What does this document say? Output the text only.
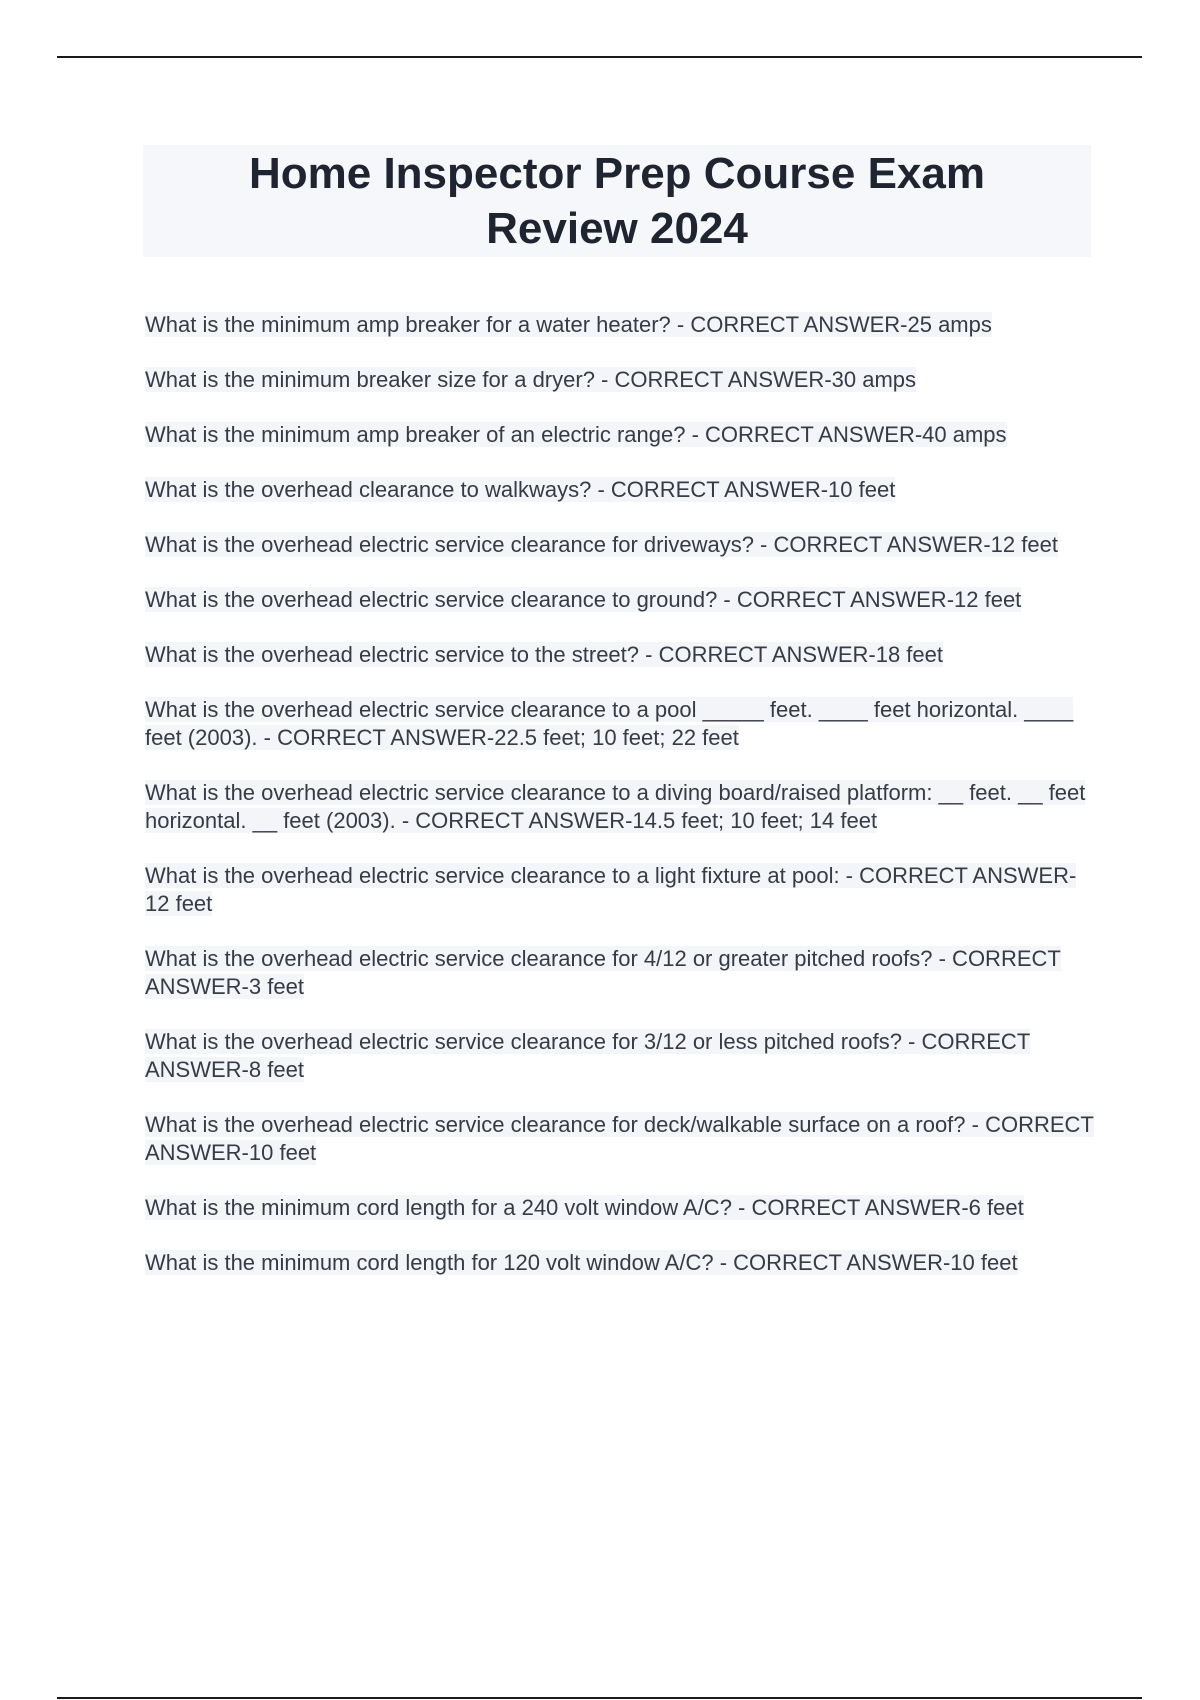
Home Inspector Prep Course Exam Review 2024
What is the minimum amp breaker for a water heater? - CORRECT ANSWER-25 amps
What is the minimum breaker size for a dryer? - CORRECT ANSWER-30 amps
What is the minimum amp breaker of an electric range? - CORRECT ANSWER-40 amps
What is the overhead clearance to walkways? - CORRECT ANSWER-10 feet
What is the overhead electric service clearance for driveways? - CORRECT ANSWER-12 feet
What is the overhead electric service clearance to ground? - CORRECT ANSWER-12 feet
What is the overhead electric service to the street? - CORRECT ANSWER-18 feet
What is the overhead electric service clearance to a pool _____ feet. ____ feet horizontal. ____ feet (2003). - CORRECT ANSWER-22.5 feet; 10 feet; 22 feet
What is the overhead electric service clearance to a diving board/raised platform: __ feet. __ feet horizontal. __ feet (2003). - CORRECT ANSWER-14.5 feet; 10 feet; 14 feet
What is the overhead electric service clearance to a light fixture at pool: - CORRECT ANSWER-12 feet
What is the overhead electric service clearance for 4/12 or greater pitched roofs? - CORRECT ANSWER-3 feet
What is the overhead electric service clearance for 3/12 or less pitched roofs? - CORRECT ANSWER-8 feet
What is the overhead electric service clearance for deck/walkable surface on a roof? - CORRECT ANSWER-10 feet
What is the minimum cord length for a 240 volt window A/C? - CORRECT ANSWER-6 feet
What is the minimum cord length for 120 volt window A/C? - CORRECT ANSWER-10 feet
